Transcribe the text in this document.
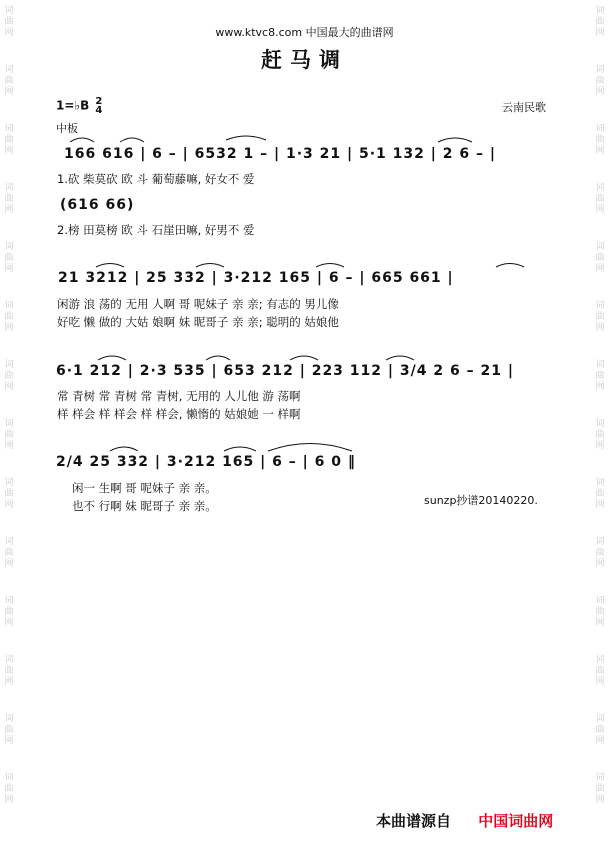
词
曲
网
词
曲
网
词
曲
网
词
曲
网
词
曲
网
词
曲
网
词
曲
网
词
曲
网
词
曲
网
词
曲
网
词
曲
网
词
曲
网
词
曲
网
词
曲
网
词
曲
网
词
曲
网
词
曲
网
词
曲
网
词
曲
网
词
曲
网
词
曲
网
词
曲
网
词
曲
网
词
曲
网
词
曲
网
词
曲
网
词
曲
网
词
曲
网
www.ktvc8.com 中国最大的曲谱网
赶马调
1=♭B 2
4
中板
云南民歌
166 616 | 6 – | 6532 1 – | 1·3 21 | 5·1 132 | 2 6 – |
1.砍 柴莫砍 欧 斗 葡萄藤嘛, 好女不 爱
(616 66)
2.榜 田莫榜 欧 斗 石崖田嘛, 好男不 爱
21 3212 | 25 332 | 3·212 165 | 6 – | 665 661 |
闲游 浪 荡的 无用 人啊 哥 呢妹子 亲 亲; 有志的 男儿像
好吃 懒 做的 大姑 娘啊 妹 昵哥子 亲 亲; 聪明的 姑娘他
6·1 212 | 2·3 535 | 653 212 | 223 112 | 3/4 2 6 – 21 |
常 青树 常 青树 常 青树, 无用的 人儿他 游 荡啊
样 样会 样 样会 样 样会, 懒惰的 姑娘她 一 样啊
2/4 25 332 | 3·212 165 | 6 – | 6 0 ‖
闲一 生啊 哥 呢妹子 亲 亲。
也不 行啊 妹 昵哥子 亲 亲。	sunzp抄谱20140220.
本曲谱源自 中国词曲网
